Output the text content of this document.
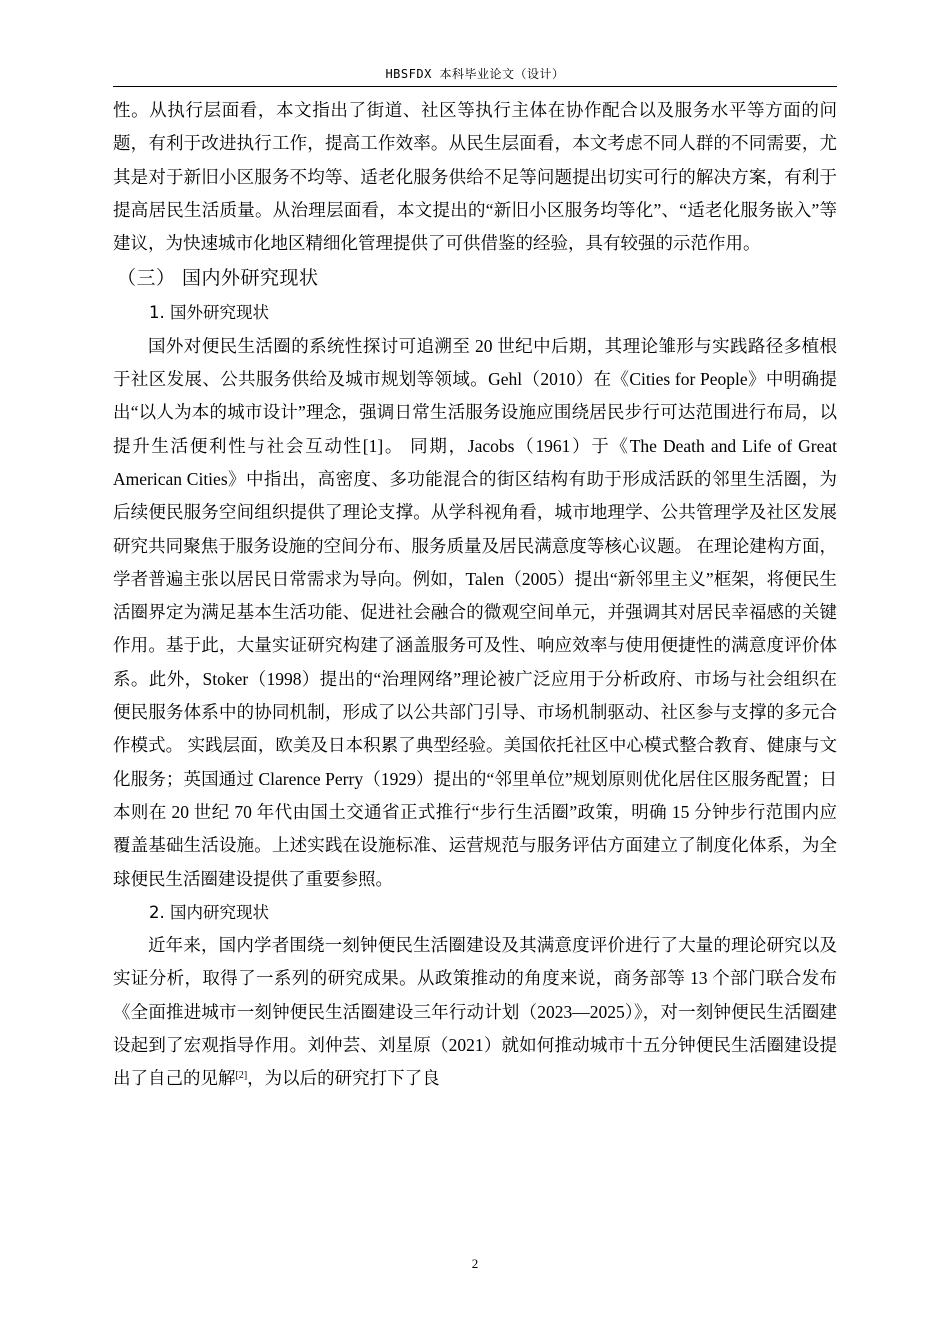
HBSFDX 本科毕业论文（设计）

性。从执行层面看，本文指出了街道、社区等执行主体在协作配合以及服务水平等方面的问题，有利于改进执行工作，提高工作效率。从民生层面看，本文考虑不同人群的不同需要，尤其是对于新旧小区服务不均等、适老化服务供给不足等问题提出切实可行的解决方案，有利于提高居民生活质量。从治理层面看，本文提出的“新旧小区服务均等化”、“适老化服务嵌入”等建议，为快速城市化地区精细化管理提供了可供借鉴的经验，具有较强的示范作用。

（三） 国内外研究现状

1. 国外研究现状

国外对便民生活圈的系统性探讨可追溯至 20 世纪中后期，其理论雏形与实践路径多植根于社区发展、公共服务供给及城市规划等领域。Gehl（2010）在《Cities for People》中明确提出“以人为本的城市设计”理念，强调日常生活服务设施应围绕居民步行可达范围进行布局，以提升生活便利性与社会互动性[1]。 同期，Jacobs（1961）于《The Death and Life of Great American Cities》中指出，高密度、多功能混合的街区结构有助于形成活跃的邻里生活圈，为后续便民服务空间组织提供了理论支撑。从学科视角看，城市地理学、公共管理学及社区发展研究共同聚焦于服务设施的空间分布、服务质量及居民满意度等核心议题。 在理论建构方面，学者普遍主张以居民日常需求为导向。例如，Talen（2005）提出“新邻里主义”框架，将便民生活圈界定为满足基本生活功能、促进社会融合的微观空间单元，并强调其对居民幸福感的关键作用。基于此，大量实证研究构建了涵盖服务可及性、响应效率与使用便捷性的满意度评价体系。此外，Stoker（1998）提出的“治理网络”理论被广泛应用于分析政府、市场与社会组织在便民服务体系中的协同机制，形成了以公共部门引导、市场机制驱动、社区参与支撑的多元合作模式。 实践层面，欧美及日本积累了典型经验。美国依托社区中心模式整合教育、健康与文化服务；英国通过 Clarence Perry（1929）提出的“邻里单位”规划原则优化居住区服务配置；日本则在 20 世纪 70 年代由国土交通省正式推行“步行生活圈”政策，明确 15 分钟步行范围内应覆盖基础生活设施。上述实践在设施标准、运营规范与服务评估方面建立了制度化体系，为全球便民生活圈建设提供了重要参照。

2. 国内研究现状

近年来，国内学者围绕一刻钟便民生活圈建设及其满意度评价进行了大量的理论研究以及实证分析，取得了一系列的研究成果。从政策推动的角度来说，商务部等 13 个部门联合发布《全面推进城市一刻钟便民生活圈建设三年行动计划（2023—2025）》，对一刻钟便民生活圈建设起到了宏观指导作用。刘仲芸、刘星原（2021）就如何推动城市十五分钟便民生活圈建设提出了自己的见解[2]，为以后的研究打下了良

2
